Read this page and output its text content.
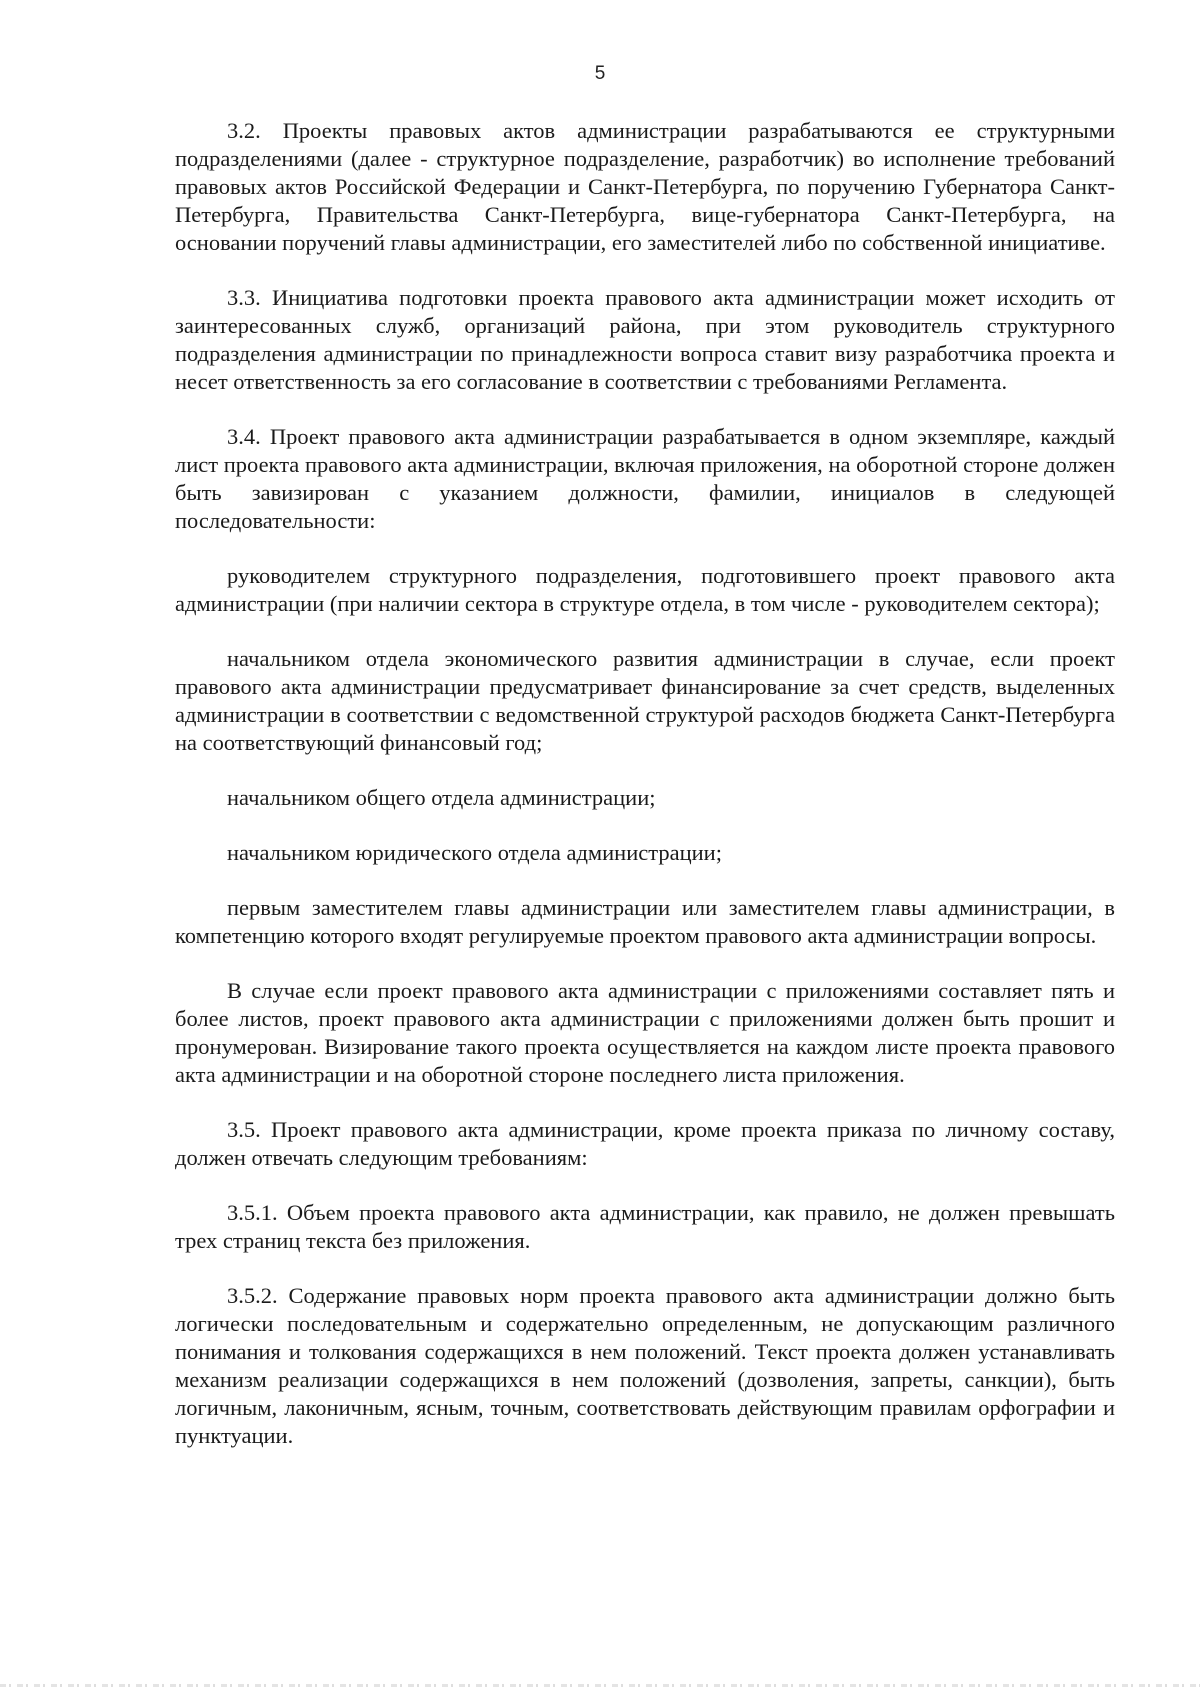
5

3.2. Проекты правовых актов администрации разрабатываются ее структурными подразделениями (далее - структурное подразделение, разработчик) во исполнение требований правовых актов Российской Федерации и Санкт-Петербурга, по поручению Губернатора Санкт-Петербурга, Правительства Санкт-Петербурга, вице-губернатора Санкт-Петербурга, на основании поручений главы администрации, его заместителей либо по собственной инициативе.

3.3. Инициатива подготовки проекта правового акта администрации может исходить от заинтересованных служб, организаций района, при этом руководитель структурного подразделения администрации по принадлежности вопроса ставит визу разработчика проекта и несет ответственность за его согласование в соответствии с требованиями Регламента.

3.4. Проект правового акта администрации разрабатывается в одном экземпляре, каждый лист проекта правового акта администрации, включая приложения, на оборотной стороне должен быть завизирован с указанием должности, фамилии, инициалов в следующей последовательности:

руководителем структурного подразделения, подготовившего проект правового акта администрации (при наличии сектора в структуре отдела, в том числе - руководителем сектора);

начальником отдела экономического развития администрации в случае, если проект правового акта администрации предусматривает финансирование за счет средств, выделенных администрации в соответствии с ведомственной структурой расходов бюджета Санкт-Петербурга на соответствующий финансовый год;

начальником общего отдела администрации;

начальником юридического отдела администрации;

первым заместителем главы администрации или заместителем главы администрации, в компетенцию которого входят регулируемые проектом правового акта администрации вопросы.

В случае если проект правового акта администрации с приложениями составляет пять и более листов, проект правового акта администрации с приложениями должен быть прошит и пронумерован. Визирование такого проекта осуществляется на каждом листе проекта правового акта администрации и на оборотной стороне последнего листа приложения.

3.5. Проект правового акта администрации, кроме проекта приказа по личному составу, должен отвечать следующим требованиям:

3.5.1. Объем проекта правового акта администрации, как правило, не должен превышать трех страниц текста без приложения.

3.5.2. Содержание правовых норм проекта правового акта администрации должно быть логически последовательным и содержательно определенным, не допускающим различного понимания и толкования содержащихся в нем положений. Текст проекта должен устанавливать механизм реализации содержащихся в нем положений (дозволения, запреты, санкции), быть логичным, лаконичным, ясным, точным, соответствовать действующим правилам орфографии и пунктуации.
